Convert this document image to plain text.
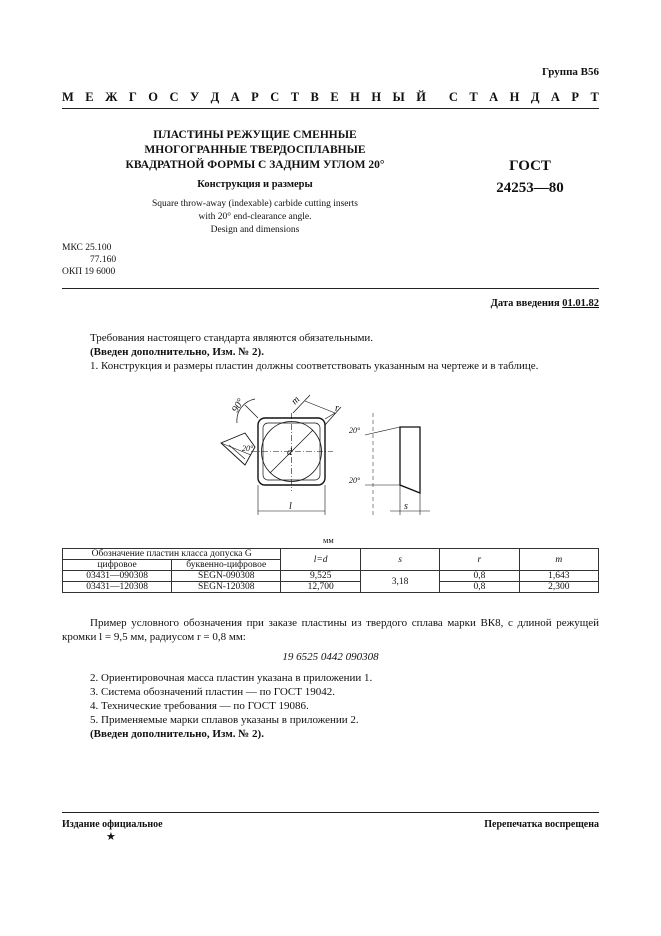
Группа В56
М Е Ж Г О С У Д А Р С Т В Е Н Н Ы Й С Т А Н Д А Р Т
ПЛАСТИНЫ РЕЖУЩИЕ СМЕННЫЕ
МНОГОГРАННЫЕ ТВЕРДОСПЛАВНЫЕ
КВАДРАТНОЙ ФОРМЫ С ЗАДНИМ УГЛОМ 20°
Конструкция и размеры
Square throw-away (indexable) carbide cutting inserts
with 20° end-clearance angle.
Design and dimensions
ГОСТ
24253—80
МКС 25.100
77.160
ОКП 19 6000
Дата введения 01.01.82
Требования настоящего стандарта являются обязательными.
(Введен дополнительно, Изм. № 2).
1. Конструкция и размеры пластин должны соответствовать указанным на чертеже и в таблице.
90°	m
r
d
l
20°
20°
20°
s
мм
Обозначение пластин класса допуска G		l=d	s	r	m
цифровое	буквенно-цифровое				
03431—090308	SEGN-090308	9,525	3,18	0,8	1,643
03431—120308	SEGN-120308	12,700		0,8	2,300
Пример условного обозначения при заказе пластины из твердого сплава марки ВК8, с длиной режущей кромки l = 9,5 мм, радиусом r = 0,8 мм:
19 6525 0442 090308
2. Ориентировочная масса пластин указана в приложении 1.
3. Система обозначений пластин — по ГОСТ 19042.
4. Технические требования — по ГОСТ 19086.
5. Применяемые марки сплавов указаны в приложении 2.
(Введен дополнительно, Изм. № 2).
Издание официальное	Перепечатка воспрещена
★
